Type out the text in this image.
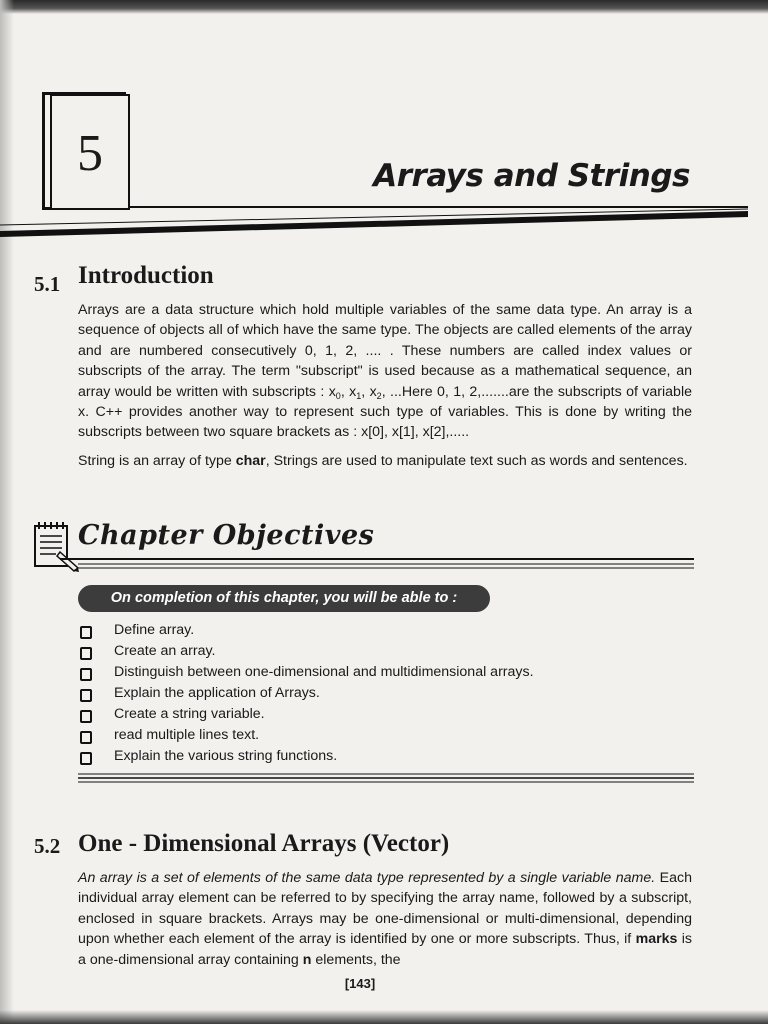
5	Arrays and Strings
5.1 Introduction
Arrays are a data structure which hold multiple variables of the same data type. An array is a sequence of objects all of which have the same type. The objects are called elements of the array and are numbered consecutively 0, 1, 2, .... . These numbers are called index values or subscripts of the array. The term "subscript" is used because as a mathematical sequence, an array would be written with subscripts : $x_0$, $x_1$, $x_2$, ...Here 0, 1, 2,.......are the subscripts of variable x. C++ provides another way to represent such type of variables. This is done by writing the subscripts between two square brackets as : x[0], x[1], x[2],.....
String is an array of type char, Strings are used to manipulate text such as words and sentences.
Chapter Objectives
On completion of this chapter, you will be able to :
Define array.
Create an array.
Distinguish between one-dimensional and multidimensional arrays.
Explain the application of Arrays.
Create a string variable.
read multiple lines text.
Explain the various string functions.
5.2 One - Dimensional Arrays (Vector)
An array is a set of elements of the same data type represented by a single variable name. Each individual array element can be referred to by specifying the array name, followed by a subscript, enclosed in square brackets. Arrays may be one-dimensional or multi-dimensional, depending upon whether each element of the array is identified by one or more subscripts. Thus, if marks is a one-dimensional array containing n elements, the
[143]
